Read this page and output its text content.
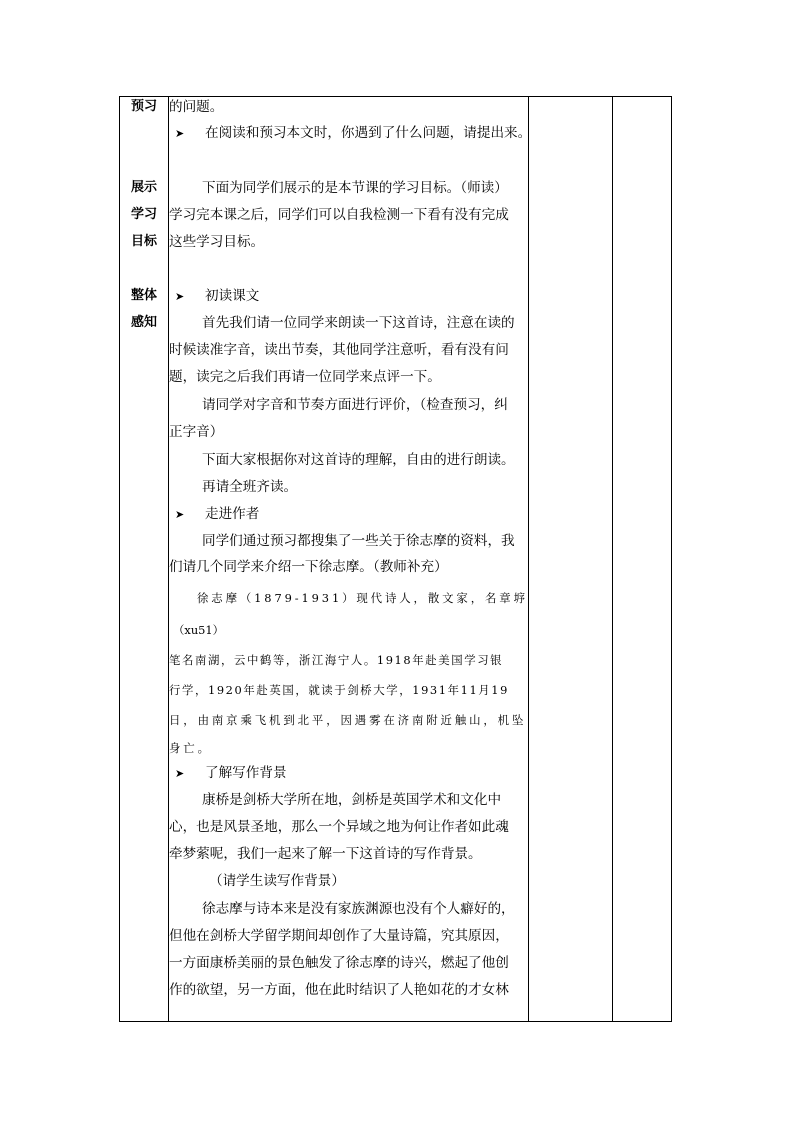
预习
展示
学习
目标
整体
感知
的问题。
➤ 在阅读和预习本文时，你遇到了什么问题，请提出来。
下面为同学们展示的是本节课的学习目标。（师读）
学习完本课之后，同学们可以自我检测一下看有没有完成
这些学习目标。
➤ 初读课文
首先我们请一位同学来朗读一下这首诗，注意在读的
时候读准字音，读出节奏，其他同学注意听，看有没有问
题，读完之后我们再请一位同学来点评一下。
请同学对字音和节奏方面进行评价，（检查预习，纠
正字音）
下面大家根据你对这首诗的理解，自由的进行朗读。
再请全班齐读。
➤ 走进作者
同学们通过预习都搜集了一些关于徐志摩的资料，我
们请几个同学来介绍一下徐志摩。（教师补充）
徐志摩（1879-1931）现代诗人，散文家，名章垿
（xu51）
笔名南湖，云中鹤等，浙江海宁人。1918年赴美国学习银
行学，1920年赴英国，就读于剑桥大学，1931年11月19
日，由南京乘飞机到北平，因遇雾在济南附近触山，机坠
身亡。
➤ 了解写作背景
康桥是剑桥大学所在地，剑桥是英国学术和文化中
心，也是风景圣地，那么一个异域之地为何让作者如此魂
牵梦萦呢，我们一起来了解一下这首诗的写作背景。
（请学生读写作背景）
徐志摩与诗本来是没有家族渊源也没有个人癖好的，
但他在剑桥大学留学期间却创作了大量诗篇，究其原因，
一方面康桥美丽的景色触发了徐志摩的诗兴，燃起了他创
作的欲望，另一方面，他在此时结识了人艳如花的才女林
